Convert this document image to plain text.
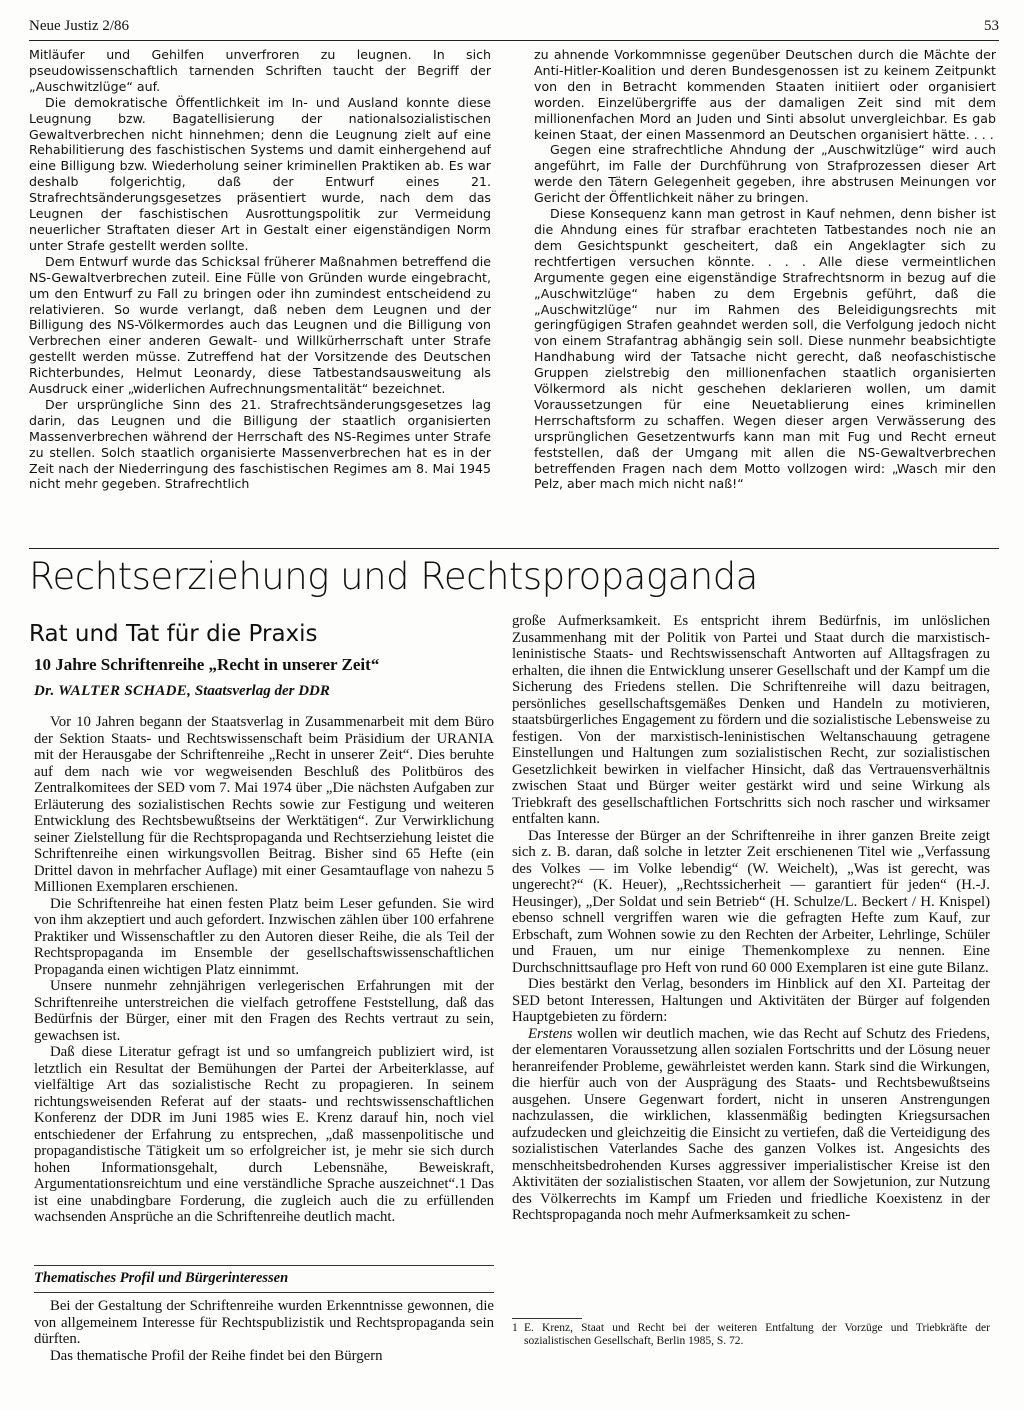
Neue Justiz 2/86	53

Mitläufer und Gehilfen unverfroren zu leugnen. In sich pseudowissenschaftlich tarnenden Schriften taucht der Begriff der „Auschwitzlüge“ auf.

Die demokratische Öffentlichkeit im In- und Ausland konnte diese Leugnung bzw. Bagatellisierung der nationalsozialistischen Gewaltverbrechen nicht hinnehmen; denn die Leugnung zielt auf eine Rehabilitierung des faschistischen Systems und damit einhergehend auf eine Billigung bzw. Wiederholung seiner kriminellen Praktiken ab. Es war deshalb folgerichtig, daß der Entwurf eines 21. Strafrechtsänderungsgesetzes präsentiert wurde, nach dem das Leugnen der faschistischen Ausrottungspolitik zur Vermeidung neuerlicher Straftaten dieser Art in Gestalt einer eigenständigen Norm unter Strafe gestellt werden sollte.

Dem Entwurf wurde das Schicksal früherer Maßnahmen betreffend die NS-Gewaltverbrechen zuteil. Eine Fülle von Gründen wurde eingebracht, um den Entwurf zu Fall zu bringen oder ihn zumindest entscheidend zu relativieren. So wurde verlangt, daß neben dem Leugnen und der Billigung des NS-Völkermordes auch das Leugnen und die Billigung von Verbrechen einer anderen Gewalt- und Willkürherrschaft unter Strafe gestellt werden müsse. Zutreffend hat der Vorsitzende des Deutschen Richterbundes, Helmut Leonardy, diese Tatbestandsausweitung als Ausdruck einer „widerlichen Aufrechnungsmentalität“ bezeichnet.

Der ursprüngliche Sinn des 21. Strafrechtsänderungsgesetzes lag darin, das Leugnen und die Billigung der staatlich organisierten Massenverbrechen während der Herrschaft des NS-Regimes unter Strafe zu stellen. Solch staatlich organisierte Massenverbrechen hat es in der Zeit nach der Niederringung des faschistischen Regimes am 8. Mai 1945 nicht mehr gegeben. Strafrechtlich

zu ahnende Vorkommnisse gegenüber Deutschen durch die Mächte der Anti-Hitler-Koalition und deren Bundesgenossen ist zu keinem Zeitpunkt von den in Betracht kommenden Staaten initiiert oder organisiert worden. Einzelübergriffe aus der damaligen Zeit sind mit dem millionenfachen Mord an Juden und Sinti absolut unvergleichbar. Es gab keinen Staat, der einen Massenmord an Deutschen organisiert hätte. . . .

Gegen eine strafrechtliche Ahndung der „Auschwitzlüge“ wird auch angeführt, im Falle der Durchführung von Strafprozessen dieser Art werde den Tätern Gelegenheit gegeben, ihre abstrusen Meinungen vor Gericht der Öffentlichkeit näher zu bringen.

Diese Konsequenz kann man getrost in Kauf nehmen, denn bisher ist die Ahndung eines für strafbar erachteten Tatbestandes noch nie an dem Gesichtspunkt gescheitert, daß ein Angeklagter sich zu rechtfertigen versuchen könnte. . . . Alle diese vermeintlichen Argumente gegen eine eigenständige Strafrechtsnorm in bezug auf die „Auschwitzlüge“ haben zu dem Ergebnis geführt, daß die „Auschwitzlüge“ nur im Rahmen des Beleidigungsrechts mit geringfügigen Strafen geahndet werden soll, die Verfolgung jedoch nicht von einem Strafantrag abhängig sein soll. Diese nunmehr beabsichtigte Handhabung wird der Tatsache nicht gerecht, daß neofaschistische Gruppen zielstrebig den millionenfachen staatlich organisierten Völkermord als nicht geschehen deklarieren wollen, um damit Voraussetzungen für eine Neuetablierung eines kriminellen Herrschaftsform zu schaffen. Wegen dieser argen Verwässerung des ursprünglichen Gesetzentwurfs kann man mit Fug und Recht erneut feststellen, daß der Umgang mit allen die NS-Gewaltverbrechen betreffenden Fragen nach dem Motto vollzogen wird: „Wasch mir den Pelz, aber mach mich nicht naß!“

Rechtserziehung und Rechtspropaganda
Rat und Tat für die Praxis
10 Jahre Schriftenreihe „Recht in unserer Zeit“
Dr. WALTER SCHADE, Staatsverlag der DDR

Vor 10 Jahren begann der Staatsverlag in Zusammenarbeit mit dem Büro der Sektion Staats- und Rechtswissenschaft beim Präsidium der URANIA mit der Herausgabe der Schriftenreihe „Recht in unserer Zeit“. Dies beruhte auf dem nach wie vor wegweisenden Beschluß des Politbüros des Zentralkomitees der SED vom 7. Mai 1974 über „Die nächsten Aufgaben zur Erläuterung des sozialistischen Rechts sowie zur Festigung und weiteren Entwicklung des Rechtsbewußtseins der Werktätigen“. Zur Verwirklichung seiner Zielstellung für die Rechtspropaganda und Rechtserziehung leistet die Schriftenreihe einen wirkungsvollen Beitrag. Bisher sind 65 Hefte (ein Drittel davon in mehrfacher Auflage) mit einer Gesamtauflage von nahezu 5 Millionen Exemplaren erschienen.

Die Schriftenreihe hat einen festen Platz beim Leser gefunden. Sie wird von ihm akzeptiert und auch gefordert. Inzwischen zählen über 100 erfahrene Praktiker und Wissenschaftler zu den Autoren dieser Reihe, die als Teil der Rechtspropaganda im Ensemble der gesellschaftswissenschaftlichen Propaganda einen wichtigen Platz einnimmt.

Unsere nunmehr zehnjährigen verlegerischen Erfahrungen mit der Schriftenreihe unterstreichen die vielfach getroffene Feststellung, daß das Bedürfnis der Bürger, einer mit den Fragen des Rechts vertraut zu sein, gewachsen ist.

Daß diese Literatur gefragt ist und so umfangreich publiziert wird, ist letztlich ein Resultat der Bemühungen der Partei der Arbeiterklasse, auf vielfältige Art das sozialistische Recht zu propagieren. In seinem richtungsweisenden Referat auf der staats- und rechtswissenschaftlichen Konferenz der DDR im Juni 1985 wies E. Krenz darauf hin, noch viel entschiedener der Erfahrung zu entsprechen, „daß massenpolitische und propagandistische Tätigkeit um so erfolgreicher ist, je mehr sie sich durch hohen Informationsgehalt, durch Lebensnähe, Beweiskraft, Argumentationsreichtum und eine verständliche Sprache auszeichnet“.1 Das ist eine unabdingbare Forderung, die zugleich auch die zu erfüllenden wachsenden Ansprüche an die Schriftenreihe deutlich macht.

Thematisches Profil und Bürgerinteressen

Bei der Gestaltung der Schriftenreihe wurden Erkenntnisse gewonnen, die von allgemeinem Interesse für Rechtspublizistik und Rechtspropaganda sein dürften.

Das thematische Profil der Reihe findet bei den Bürgern

große Aufmerksamkeit. Es entspricht ihrem Bedürfnis, im unlöslichen Zusammenhang mit der Politik von Partei und Staat durch die marxistisch-leninistische Staats- und Rechtswissenschaft Antworten auf Alltagsfragen zu erhalten, die ihnen die Entwicklung unserer Gesellschaft und der Kampf um die Sicherung des Friedens stellen. Die Schriftenreihe will dazu beitragen, persönliches gesellschaftsgemäßes Denken und Handeln zu motivieren, staatsbürgerliches Engagement zu fördern und die sozialistische Lebensweise zu festigen. Von der marxistisch-leninistischen Weltanschauung getragene Einstellungen und Haltungen zum sozialistischen Recht, zur sozialistischen Gesetzlichkeit bewirken in vielfacher Hinsicht, daß das Vertrauensverhältnis zwischen Staat und Bürger weiter gestärkt wird und seine Wirkung als Triebkraft des gesellschaftlichen Fortschritts sich noch rascher und wirksamer entfalten kann.

Das Interesse der Bürger an der Schriftenreihe in ihrer ganzen Breite zeigt sich z. B. daran, daß solche in letzter Zeit erschienenen Titel wie „Verfassung des Volkes — im Volke lebendig“ (W. Weichelt), „Was ist gerecht, was ungerecht?“ (K. Heuer), „Rechtssicherheit — garantiert für jeden“ (H.-J. Heusinger), „Der Soldat und sein Betrieb“ (H. Schulze/L. Beckert / H. Knispel) ebenso schnell vergriffen waren wie die gefragten Hefte zum Kauf, zur Erbschaft, zum Wohnen sowie zu den Rechten der Arbeiter, Lehrlinge, Schüler und Frauen, um nur einige Themenkomplexe zu nennen. Eine Durchschnittsauflage pro Heft von rund 60 000 Exemplaren ist eine gute Bilanz.

Dies bestärkt den Verlag, besonders im Hinblick auf den XI. Parteitag der SED betont Interessen, Haltungen und Aktivitäten der Bürger auf folgenden Hauptgebieten zu fördern:

Erstens wollen wir deutlich machen, wie das Recht auf Schutz des Friedens, der elementaren Voraussetzung allen sozialen Fortschritts und der Lösung neuer heranreifender Probleme, gewährleistet werden kann. Stark sind die Wirkungen, die hierfür auch von der Ausprägung des Staats- und Rechtsbewußtseins ausgehen. Unsere Gegenwart fordert, nicht in unseren Anstrengungen nachzulassen, die wirklichen, klassenmäßig bedingten Kriegsursachen aufzudecken und gleichzeitig die Einsicht zu vertiefen, daß die Verteidigung des sozialistischen Vaterlandes Sache des ganzen Volkes ist. Angesichts des menschheitsbedrohenden Kurses aggressiver imperialistischer Kreise ist den Aktivitäten der sozialistischen Staaten, vor allem der Sowjetunion, zur Nutzung des Völkerrechts im Kampf um Frieden und friedliche Koexistenz in der Rechtspropaganda noch mehr Aufmerksamkeit zu schen-

1 E. Krenz, Staat und Recht bei der weiteren Entfaltung der Vorzüge und Triebkräfte der sozialistischen Gesellschaft, Berlin 1985, S. 72.
